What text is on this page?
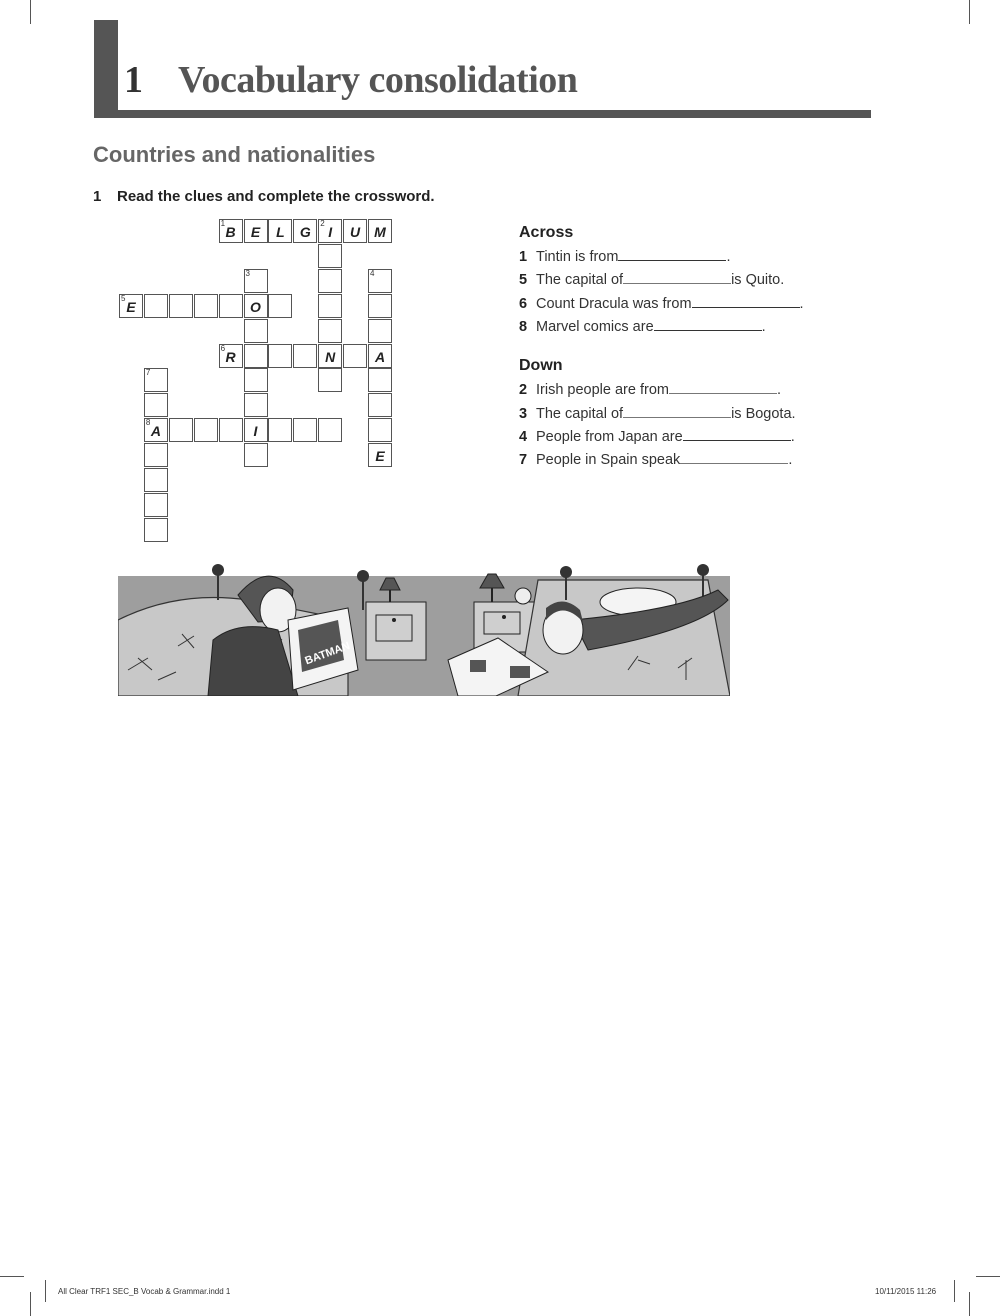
1 Vocabulary consolidation
Countries and nationalities
1 Read the clues and complete the crossword.
1
B	E	L	G
2
I	U	M
N
3
O
I
4
A
E
5
E
6
R
7
8
A
Across
1 Tintin is from	.
5 The capital of	is Quito.
6 Count Dracula was from	.
8 Marvel comics are	.
Down
2 Irish people are from	.
3 The capital of	is Bogota.
4 People from Japan are	.
7 People in Spain speak	.
BATMAN
All Clear TRF1 SEC_B Vocab & Grammar.indd 1	10/11/2015 11:26
